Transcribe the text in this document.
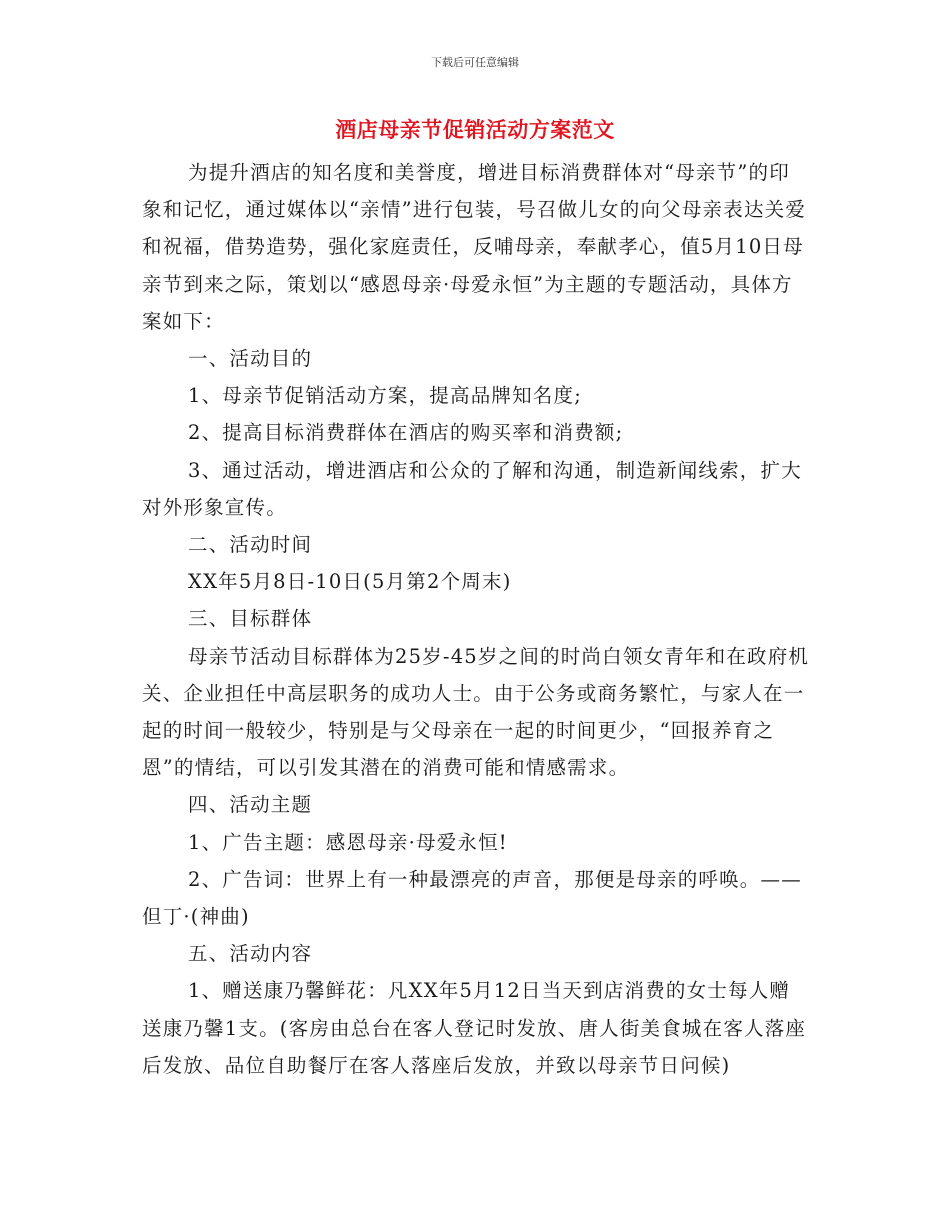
下载后可任意编辑
酒店母亲节促销活动方案范文

为提升酒店的知名度和美誉度，增进目标消费群体对“母亲节”的印象和记忆，通过媒体以“亲情”进行包装，号召做儿女的向父母亲表达关爱和祝福，借势造势，强化家庭责任，反哺母亲，奉献孝心，值5月10日母亲节到来之际，策划以“感恩母亲·母爱永恒”为主题的专题活动，具体方案如下：

一、活动目的

1、母亲节促销活动方案，提高品牌知名度;

2、提高目标消费群体在酒店的购买率和消费额;

3、通过活动，增进酒店和公众的了解和沟通，制造新闻线索，扩大对外形象宣传。

二、活动时间

XX年5月8日-10日(5月第2个周末)

三、目标群体

母亲节活动目标群体为25岁-45岁之间的时尚白领女青年和在政府机关、企业担任中高层职务的成功人士。由于公务或商务繁忙，与家人在一起的时间一般较少，特别是与父母亲在一起的时间更少，“回报养育之恩”的情结，可以引发其潜在的消费可能和情感需求。

四、活动主题

1、广告主题：感恩母亲·母爱永恒!

2、广告词：世界上有一种最漂亮的声音，那便是母亲的呼唤。——但丁·(神曲)

五、活动内容

1、赠送康乃馨鲜花：凡XX年5月12日当天到店消费的女士每人赠送康乃馨1支。(客房由总台在客人登记时发放、唐人街美食城在客人落座后发放、品位自助餐厅在客人落座后发放，并致以母亲节日问候)
